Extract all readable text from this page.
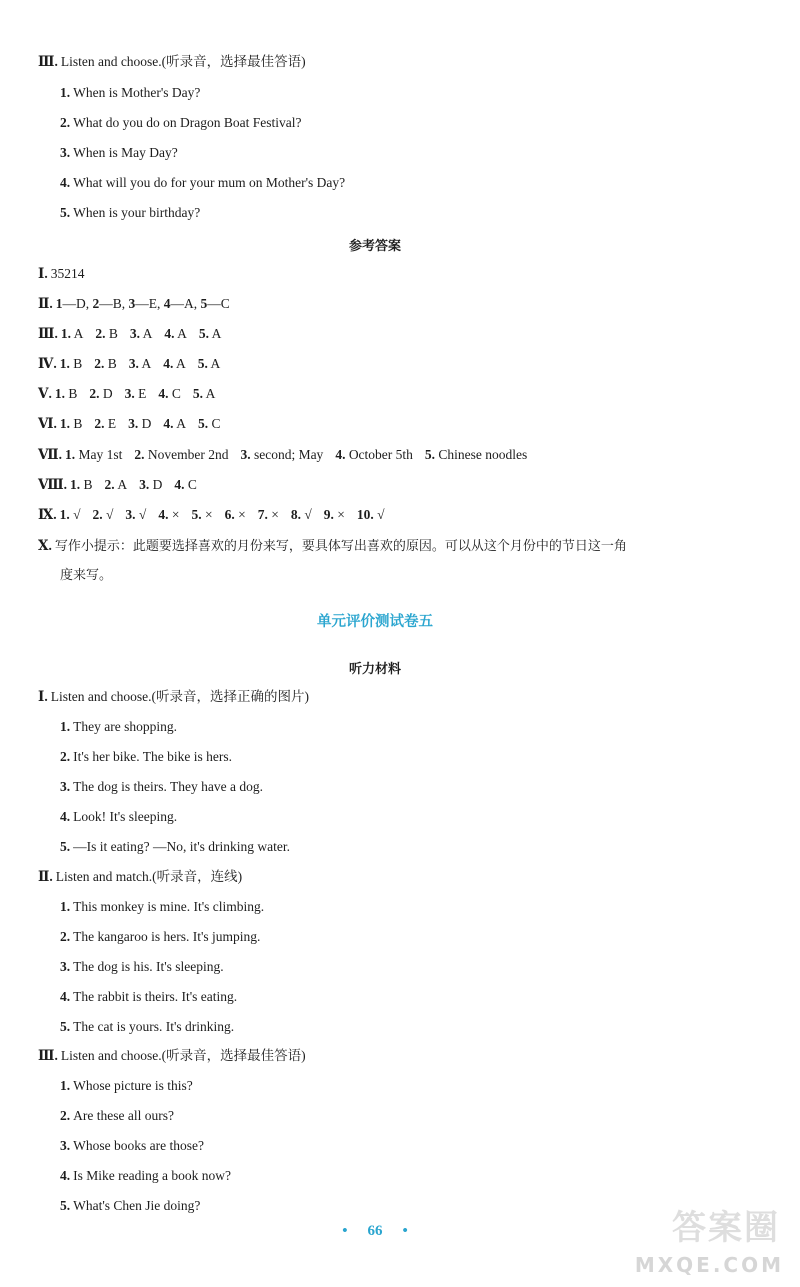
Ⅲ. Listen and choose.(听录音，选择最佳答语)
1. When is Mother's Day?
2. What do you do on Dragon Boat Festival?
3. When is May Day?
4. What will you do for your mum on Mother's Day?
5. When is your birthday?
参考答案
Ⅰ. 35214
Ⅱ. 1—D, 2—B, 3—E, 4—A, 5—C
Ⅲ. 1. A 2. B 3. A 4. A 5. A
Ⅳ. 1. B 2. B 3. A 4. A 5. A
Ⅴ. 1. B 2. D 3. E 4. C 5. A
Ⅵ. 1. B 2. E 3. D 4. A 5. C
Ⅶ. 1. May 1st 2. November 2nd 3. second; May 4. October 5th 5. Chinese noodles
Ⅷ. 1. B 2. A 3. D 4. C
Ⅸ. 1. √ 2. √ 3. √ 4. × 5. × 6. × 7. × 8. √ 9. × 10. √
Ⅹ. 写作小提示：此题要选择喜欢的月份来写，要具体写出喜欢的原因。可以从这个月份中的节日这一角
度来写。
单元评价测试卷五
听力材料
Ⅰ. Listen and choose.(听录音，选择正确的图片)
1. They are shopping.
2. It's her bike. The bike is hers.
3. The dog is theirs. They have a dog.
4. Look! It's sleeping.
5. —Is it eating? —No, it's drinking water.
Ⅱ. Listen and match.(听录音，连线)
1. This monkey is mine. It's climbing.
2. The kangaroo is hers. It's jumping.
3. The dog is his. It's sleeping.
4. The rabbit is theirs. It's eating.
5. The cat is yours. It's drinking.
Ⅲ. Listen and choose.(听录音，选择最佳答语)
1. Whose picture is this?
2. Are these all ours?
3. Whose books are those?
4. Is Mike reading a book now?
5. What's Chen Jie doing?
• 66 •	答案圈
MXQE.COM
